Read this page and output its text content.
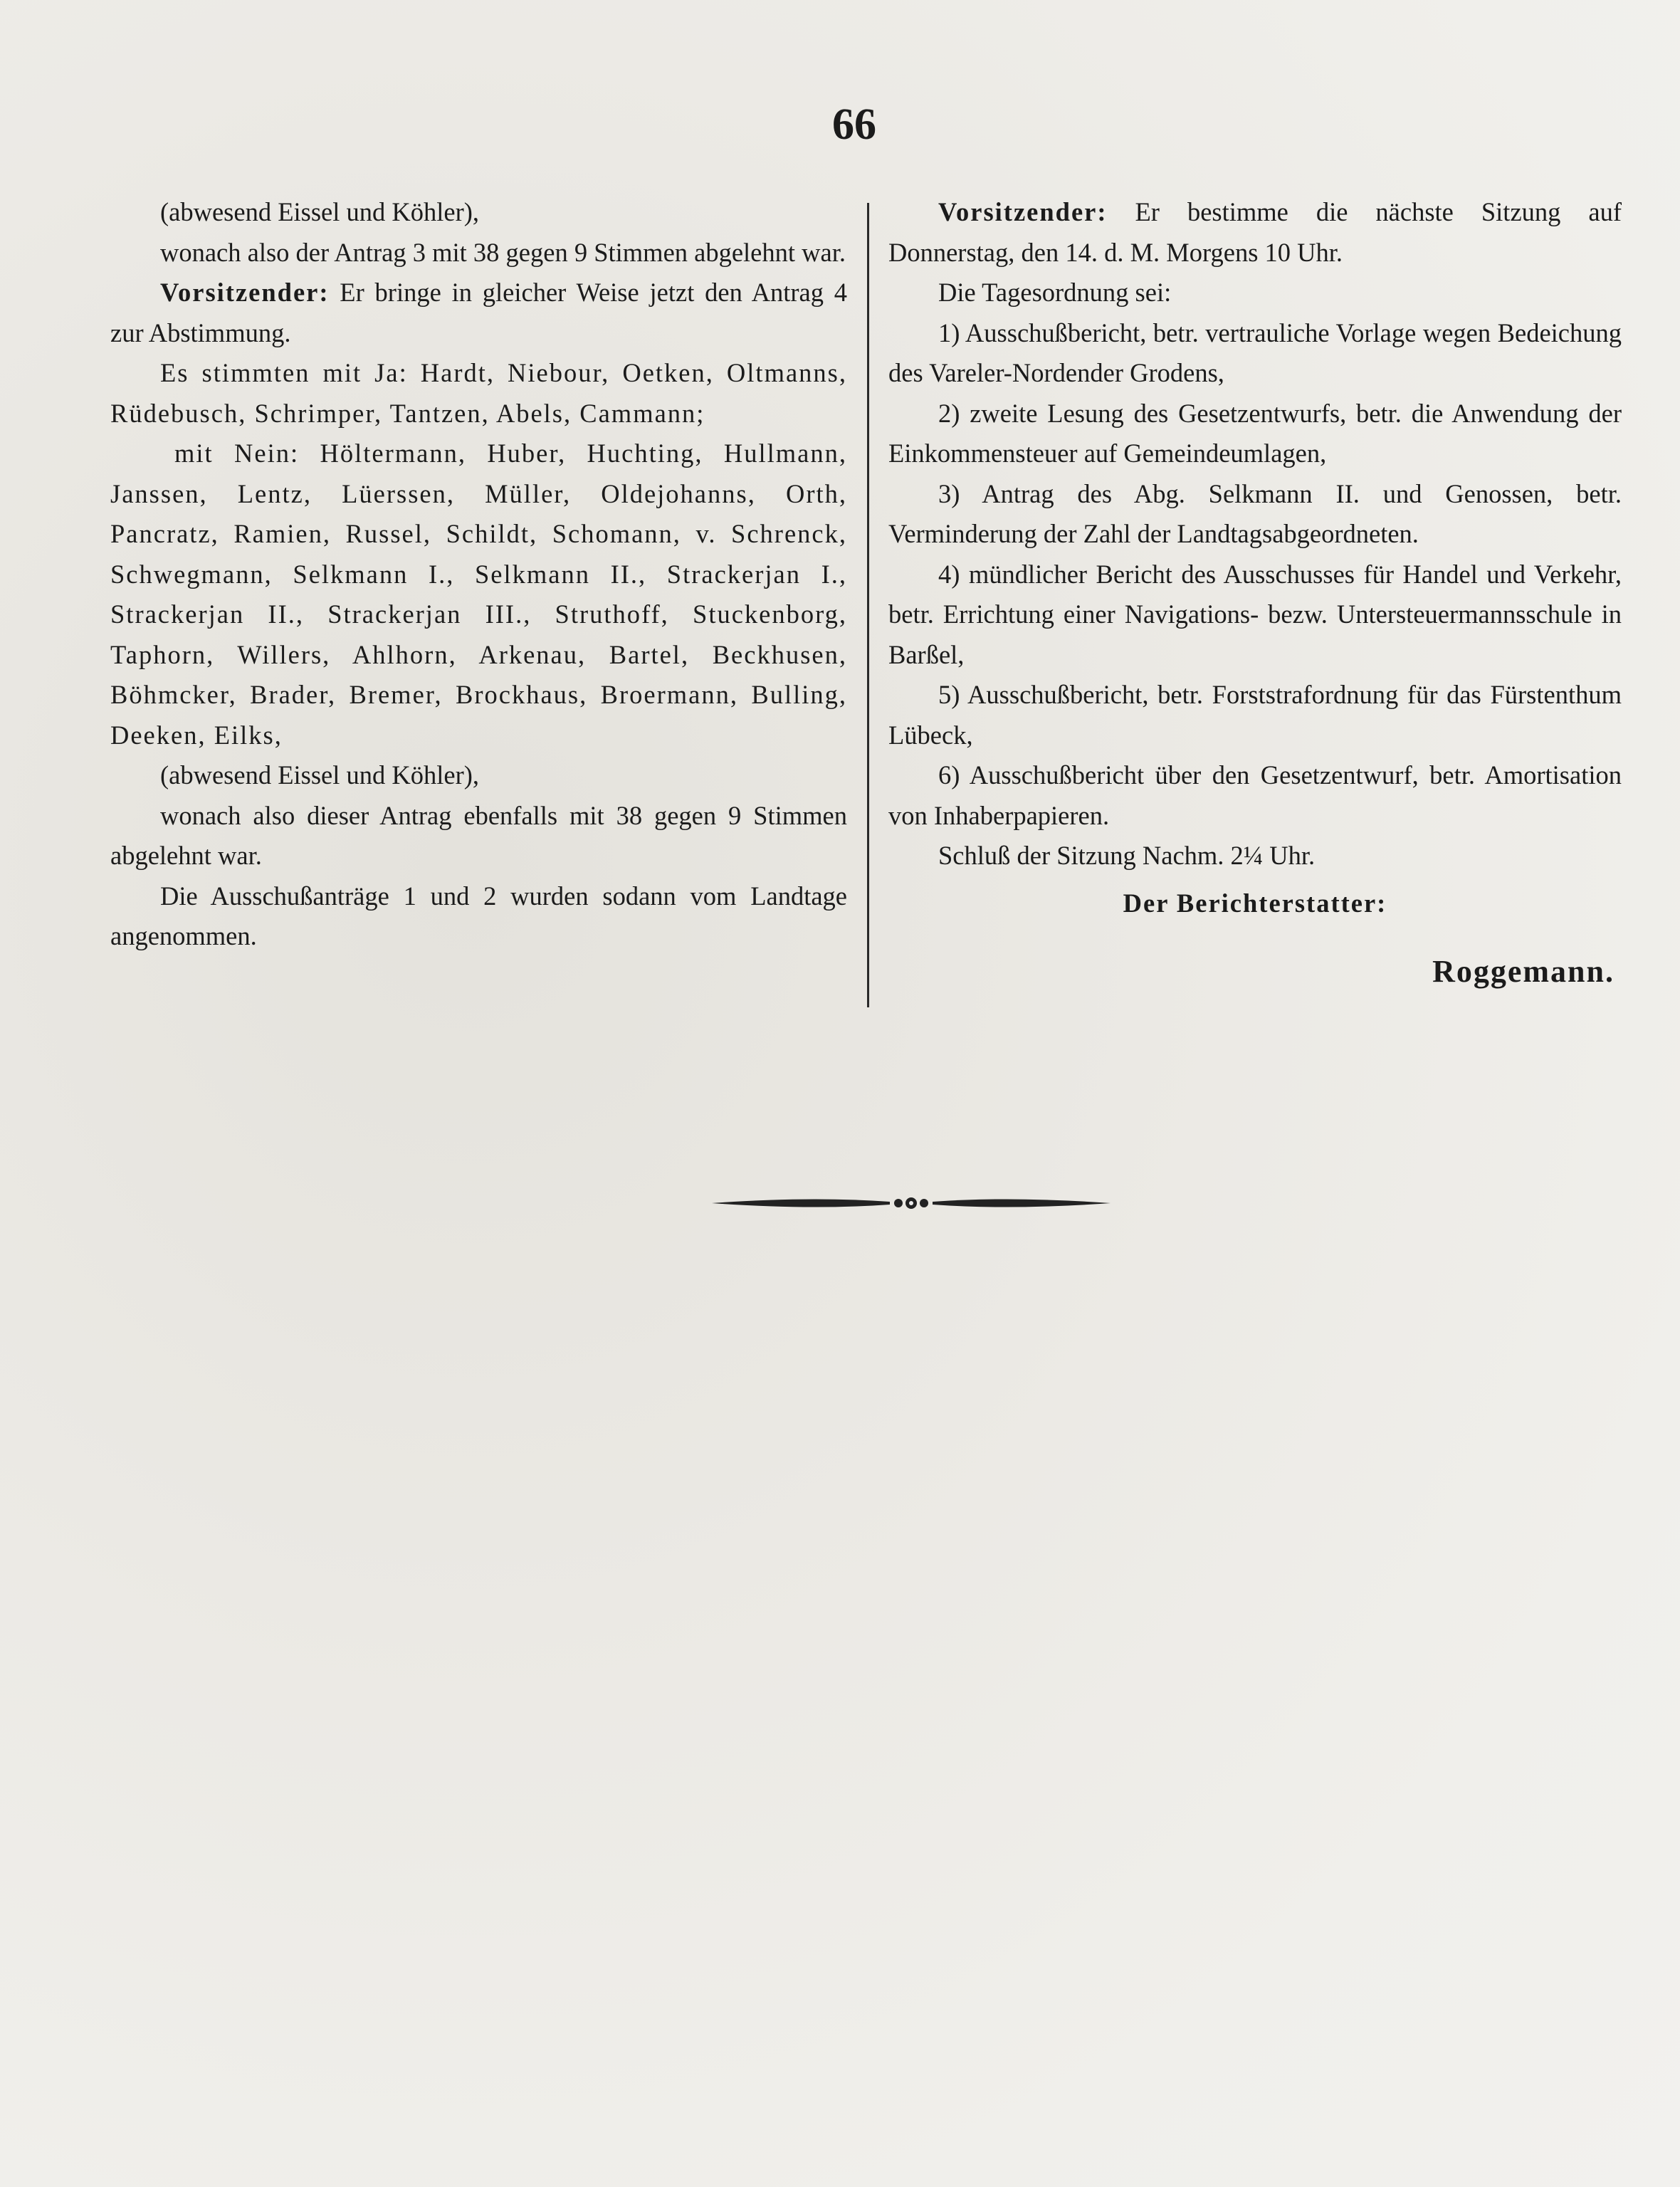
66

(abwesend Eissel und Köhler),

wonach also der Antrag 3 mit 38 gegen 9 Stimmen abgelehnt war.

Vorsitzender: Er bringe in gleicher Weise jetzt den Antrag 4 zur Abstimmung.

Es stimmten mit Ja: Hardt, Niebour, Oetken, Oltmanns, Rüdebusch, Schrimper, Tantzen, Abels, Cammann;

mit Nein: Höltermann, Huber, Huchting, Hullmann, Janssen, Lentz, Lüerssen, Müller, Oldejohanns, Orth, Pancratz, Ramien, Russel, Schildt, Schomann, v. Schrenck, Schwegmann, Selkmann I., Selkmann II., Strackerjan I., Strackerjan II., Strackerjan III., Struthoff, Stuckenborg, Taphorn, Willers, Ahlhorn, Arkenau, Bartel, Beckhusen, Böhmcker, Brader, Bremer, Brockhaus, Broermann, Bulling, Deeken, Eilks,

(abwesend Eissel und Köhler),

wonach also dieser Antrag ebenfalls mit 38 gegen 9 Stimmen abgelehnt war.

Die Ausschußanträge 1 und 2 wurden sodann vom Landtage angenommen.

Vorsitzender: Er bestimme die nächste Sitzung auf Donnerstag, den 14. d. M. Morgens 10 Uhr.

Die Tagesordnung sei:

1) Ausschußbericht, betr. vertrauliche Vorlage wegen Bedeichung des Vareler-Nordender Grodens,

2) zweite Lesung des Gesetzentwurfs, betr. die Anwendung der Einkommensteuer auf Gemeindeumlagen,

3) Antrag des Abg. Selkmann II. und Genossen, betr. Verminderung der Zahl der Landtagsabgeordneten.

4) mündlicher Bericht des Ausschusses für Handel und Verkehr, betr. Errichtung einer Navigations- bezw. Untersteuermannsschule in Barßel,

5) Ausschußbericht, betr. Forststrafordnung für das Fürstenthum Lübeck,

6) Ausschußbericht über den Gesetzentwurf, betr. Amortisation von Inhaberpapieren.

Schluß der Sitzung Nachm. 2¼ Uhr.

Der Berichterstatter:

Roggemann.
